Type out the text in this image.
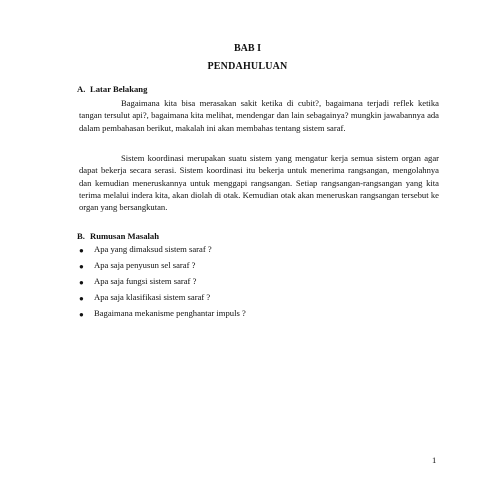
BAB I
PENDAHULUAN
A. Latar Belakang
Bagaimana kita bisa merasakan sakit ketika di cubit?, bagaimana terjadi reflek ketika tangan tersulut api?, bagaimana kita melihat, mendengar dan lain sebagainya? mungkin jawabannya ada dalam pembahasan berikut, makalah ini akan membahas tentang sistem saraf.
Sistem koordinasi merupakan suatu sistem yang mengatur kerja semua sistem organ agar dapat bekerja secara serasi. Sistem koordinasi itu bekerja untuk menerima rangsangan, mengolahnya dan kemudian meneruskannya untuk menggapi rangsangan. Setiap rangsangan-rangsangan yang kita terima melalui indera kita, akan diolah di otak. Kemudian otak akan meneruskan rangsangan tersebut ke organ yang bersangkutan.
B. Rumusan Masalah
● Apa yang dimaksud sistem saraf ?
● Apa saja penyusun sel saraf ?
● Apa saja fungsi sistem saraf ?
● Apa saja klasifikasi sistem saraf ?
● Bagaimana mekanisme penghantar impuls ?
1
